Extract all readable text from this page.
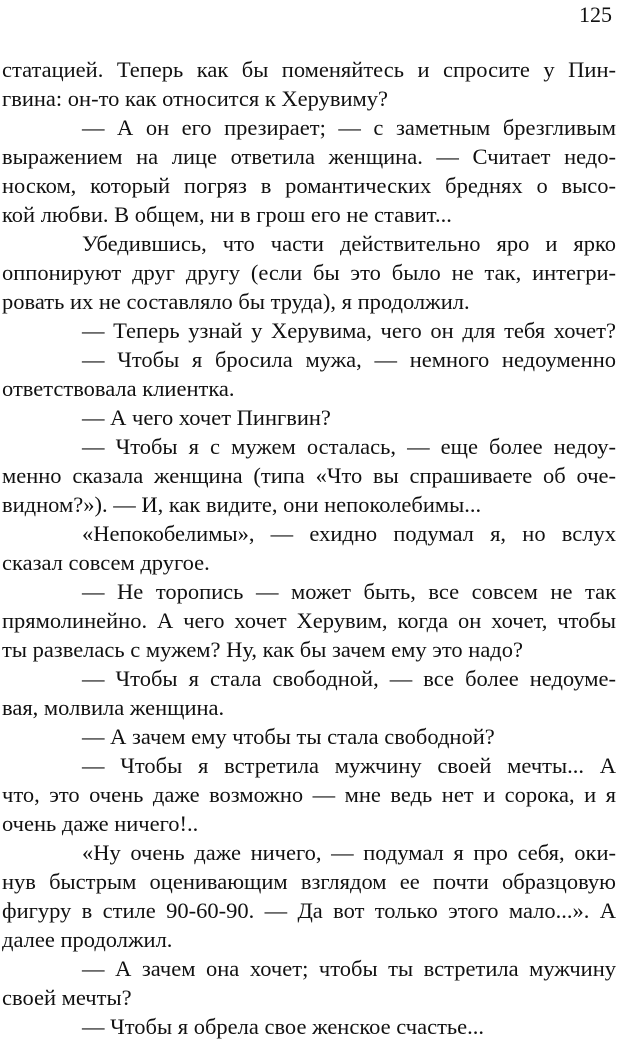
125
статацией. Теперь как бы поменяйтесь и спросите у Пин-
гвина: он-то как относится к Херувиму?
— А он его презирает; — с заметным брезгливым
выражением на лице ответила женщина. — Считает недо-
носком, который погряз в романтических бреднях о высо-
кой любви. В общем, ни в грош его не ставит...
Убедившись, что части действительно яро и ярко
оппонируют друг другу (если бы это было не так, интегри-
ровать их не составляло бы труда), я продолжил.
— Теперь узнай у Херувима, чего он для тебя хочет?
— Чтобы я бросила мужа, — немного недоуменно
ответствовала клиентка.
— А чего хочет Пингвин?
— Чтобы я с мужем осталась, — еще более недоу-
менно сказала женщина (типа «Что вы спрашиваете об оче-
видном?»). — И, как видите, они непоколебимы...
«Непокобелимы», — ехидно подумал я, но вслух
сказал совсем другое.
— Не торопись — может быть, все совсем не так
прямолинейно. А чего хочет Херувим, когда он хочет, чтобы
ты развелась с мужем? Ну, как бы зачем ему это надо?
— Чтобы я стала свободной, — все более недоуме-
вая, молвила женщина.
— А зачем ему чтобы ты стала свободной?
— Чтобы я встретила мужчину своей мечты... А
что, это очень даже возможно — мне ведь нет и сорока, и я
очень даже ничего!..
«Ну очень даже ничего, — подумал я про себя, оки-
нув быстрым оценивающим взглядом ее почти образцовую
фигуру в стиле 90-60-90. — Да вот только этого мало...». А
далее продолжил.
— А зачем она хочет; чтобы ты встретила мужчину
своей мечты?
— Чтобы я обрела свое женское счастье...
